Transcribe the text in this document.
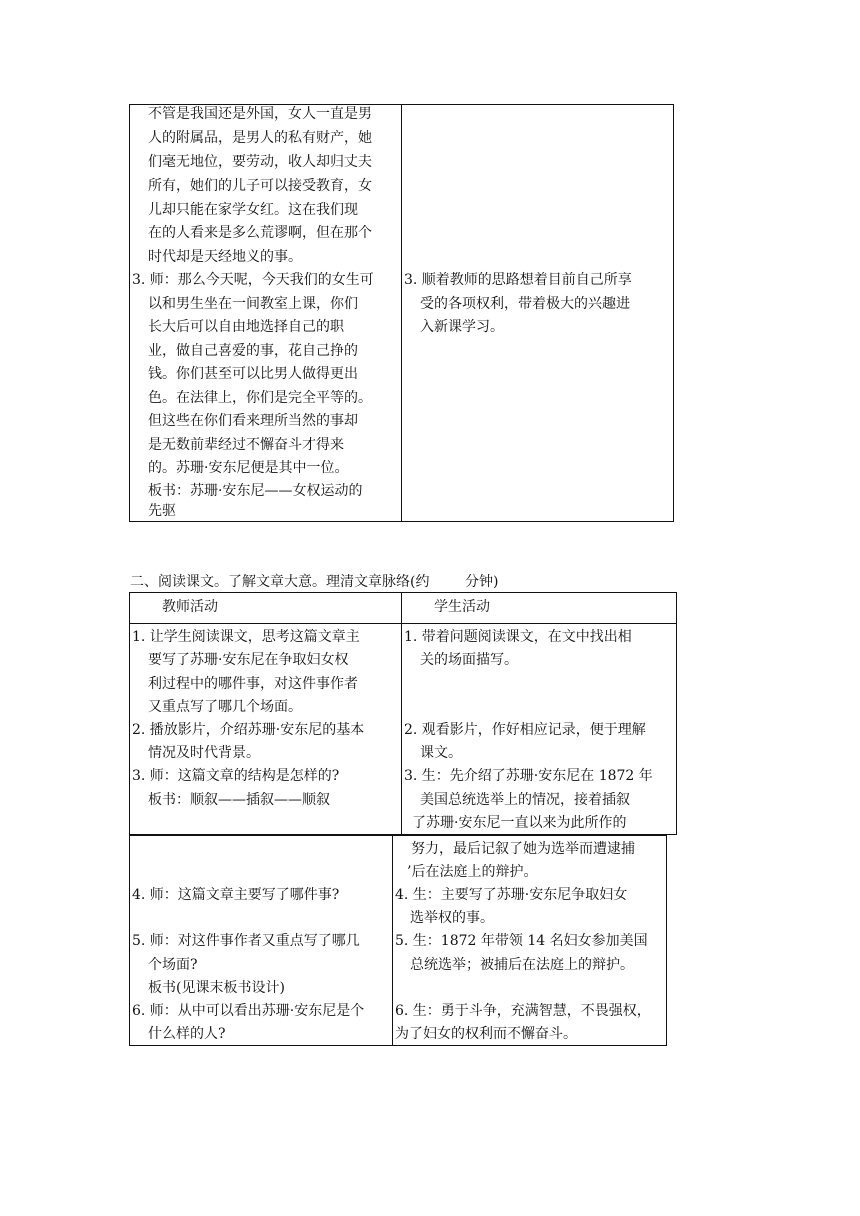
不管是我国还是外国，女人一直是男
人的附属品，是男人的私有财产，她
们毫无地位，要劳动，收人却归丈夫
所有，她们的儿子可以接受教育，女
儿却只能在家学女红。这在我们现
在的人看来是多么荒谬啊，但在那个
时代却是天经地义的事。
3. 师：那么今天呢，今天我们的女生可
以和男生坐在一间教室上课，你们
长大后可以自由地选择自己的职
业，做自己喜爱的事，花自己挣的
钱。你们甚至可以比男人做得更出
色。在法律上，你们是完全平等的。
但这些在你们看来理所当然的事却
是无数前辈经过不懈奋斗才得来
的。苏珊·安东尼便是其中一位。
板书：苏珊·安东尼——女权运动的
先驱
3. 顺着教师的思路想着目前自己所享
受的各项权利，带着极大的兴趣进
入新课学习。
二、阅读课文。了解文章大意。理清文章脉络(约        分钟)
教师活动	学生活动
1. 让学生阅读课文，思考这篇文章主
要写了苏珊·安东尼在争取妇女权
利过程中的哪件事，对这件事作者
又重点写了哪几个场面。
2. 播放影片，介绍苏珊·安东尼的基本
情况及时代背景。
3. 师：这篇文章的结构是怎样的?
板书：顺叙——插叙——顺叙
1. 带着问题阅读课文，在文中找出相
关的场面描写。
2. 观看影片，作好相应记录，便于理解
课文。
3. 生：先介绍了苏珊·安东尼在 1872 年
美国总统选举上的情况，接着插叙
了苏珊·安东尼一直以来为此所作的
努力，最后记叙了她为选举而遭逮捕
’后在法庭上的辩护。
4. 师：这篇文章主要写了哪件事?
5. 师：对这件事作者又重点写了哪几
个场面?
板书(见课末板书设计)
6. 师：从中可以看出苏珊·安东尼是个
什么样的人?
4. 生：主要写了苏珊·安东尼争取妇女
选举权的事。
5. 生：1872 年带领 14 名妇女参加美国
总统选举；被捕后在法庭上的辩护。
6. 生：勇于斗争，充满智慧，不畏强权，
为了妇女的权利而不懈奋斗。
